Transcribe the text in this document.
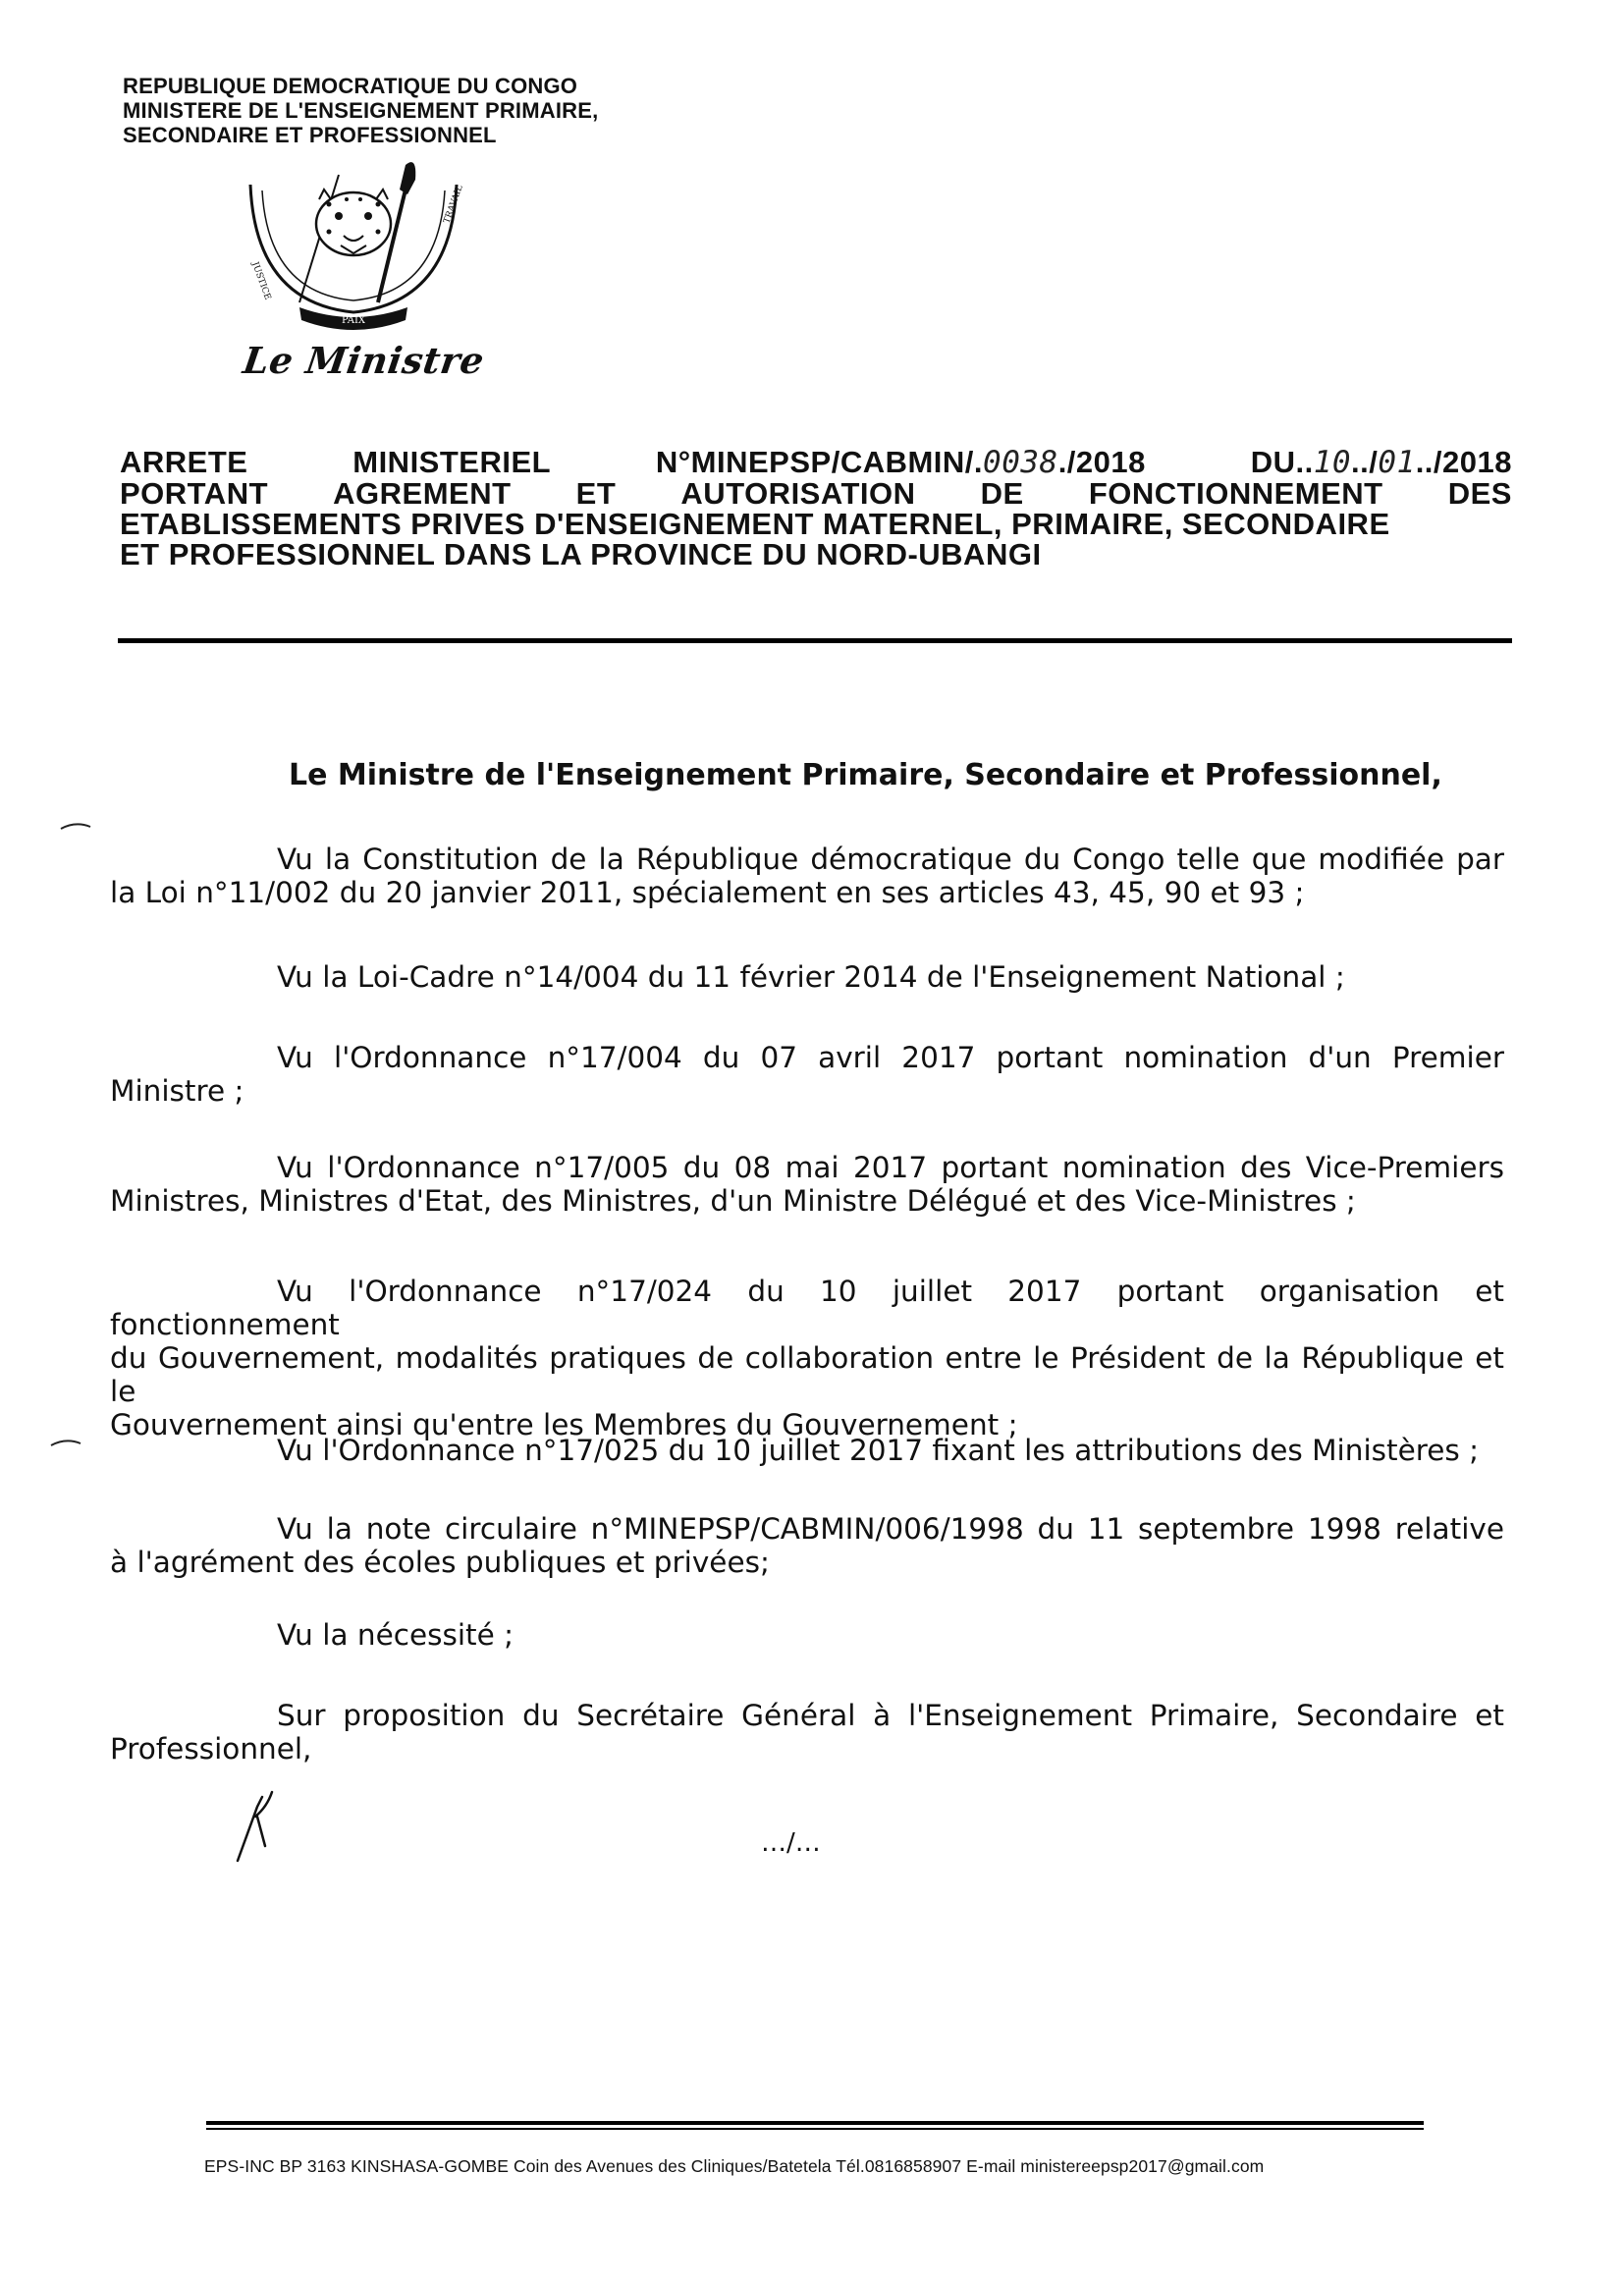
REPUBLIQUE DEMOCRATIQUE DU CONGO
MINISTERE DE L'ENSEIGNEMENT PRIMAIRE,
SECONDAIRE ET PROFESSIONNEL
PAIX
JUSTICE
TRAVAIL
Le Ministre
ARRETE	MINISTERIEL	N°MINEPSP/CABMIN/.0038./2018	DU..10../01../2018
PORTANT AGREMENT ET AUTORISATION DE FONCTIONNEMENT DES
ETABLISSEMENTS PRIVES D'ENSEIGNEMENT MATERNEL, PRIMAIRE, SECONDAIRE
ET PROFESSIONNEL DANS LA PROVINCE DU NORD-UBANGI
Le Ministre de l'Enseignement Primaire, Secondaire et Professionnel,
Vu la Constitution de la République démocratique du Congo telle que modifiée par
la Loi n°11/002 du 20 janvier 2011, spécialement en ses articles 43, 45, 90 et 93 ;
Vu la Loi-Cadre n°14/004 du 11 février 2014 de l'Enseignement National ;
Vu l'Ordonnance n°17/004 du 07 avril 2017 portant nomination d'un Premier
Ministre ;
Vu l'Ordonnance n°17/005 du 08 mai 2017 portant nomination des Vice-Premiers
Ministres, Ministres d'Etat, des Ministres, d'un Ministre Délégué et des Vice-Ministres ;
Vu l'Ordonnance n°17/024 du 10 juillet 2017 portant organisation et fonctionnement
du Gouvernement, modalités pratiques de collaboration entre le Président de la République et le
Gouvernement ainsi qu'entre les Membres du Gouvernement ;
Vu l'Ordonnance n°17/025 du 10 juillet 2017 fixant les attributions des Ministères ;
Vu la note circulaire n°MINEPSP/CABMIN/006/1998 du 11 septembre 1998 relative
à l'agrément des écoles publiques et privées;
Vu la nécessité ;
Sur proposition du Secrétaire Général à l'Enseignement Primaire, Secondaire et
Professionnel,
…/…
EPS-INC BP 3163 KINSHASA-GOMBE Coin des Avenues des Cliniques/Batetela Tél.0816858907 E-mail ministereepsp2017@gmail.com
